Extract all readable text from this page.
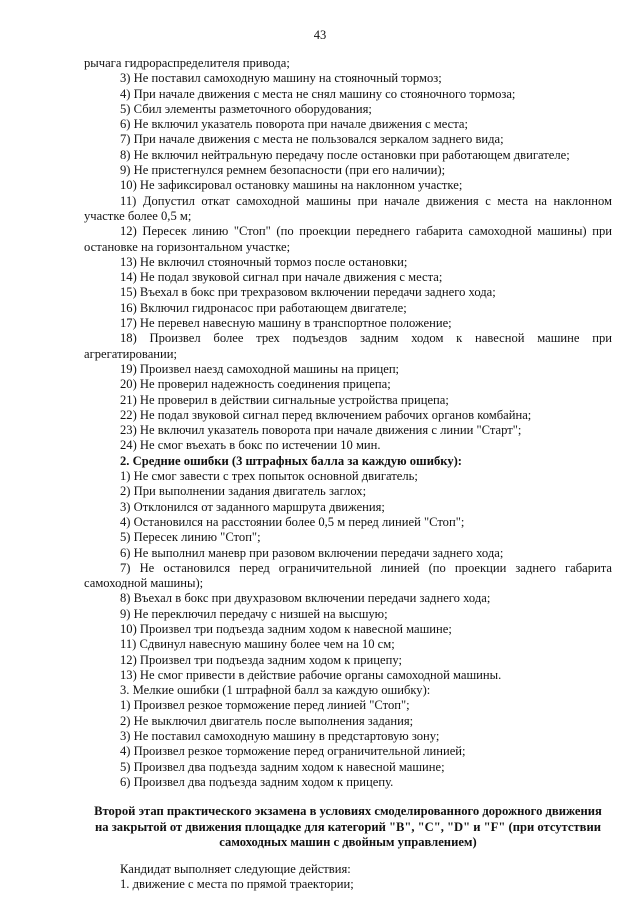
43
рычага гидрораспределителя привода;
3) Не поставил самоходную машину на стояночный тормоз;
4) При начале движения с места не снял машину со стояночного тормоза;
5) Сбил элементы разметочного оборудования;
6) Не включил указатель поворота при начале движения с места;
7) При начале движения с места не пользовался зеркалом заднего вида;
8) Не включил нейтральную передачу после остановки при работающем двигателе;
9) Не пристегнулся ремнем безопасности (при его наличии);
10) Не зафиксировал остановку машины на наклонном участке;
11) Допустил откат самоходной машины при начале движения с места на наклонном
участке более 0,5 м;
12) Пересек линию "Стоп" (по проекции переднего габарита самоходной машины) при
остановке на горизонтальном участке;
13) Не включил стояночный тормоз после остановки;
14) Не подал звуковой сигнал при начале движения с места;
15) Въехал в бокс при трехразовом включении передачи заднего хода;
16) Включил гидронасос при работающем двигателе;
17) Не перевел навесную машину в транспортное положение;
18) Произвел более трех подъездов задним ходом к навесной машине при
агрегатировании;
19) Произвел наезд самоходной машины на прицеп;
20) Не проверил надежность соединения прицепа;
21) Не проверил в действии сигнальные устройства прицепа;
22) Не подал звуковой сигнал перед включением рабочих органов комбайна;
23) Не включил указатель поворота при начале движения с линии "Старт";
24) Не смог въехать в бокс по истечении 10 мин.
2. Средние ошибки (3 штрафных балла за каждую ошибку):
1) Не смог завести с трех попыток основной двигатель;
2) При выполнении задания двигатель заглох;
3) Отклонился от заданного маршрута движения;
4) Остановился на расстоянии более 0,5 м перед линией "Стоп";
5) Пересек линию "Стоп";
6) Не выполнил маневр при разовом включении передачи заднего хода;
7) Не остановился перед ограничительной линией (по проекции заднего габарита
самоходной машины);
8) Въехал в бокс при двухразовом включении передачи заднего хода;
9) Не переключил передачу с низшей на высшую;
10) Произвел три подъезда задним ходом к навесной машине;
11) Сдвинул навесную машину более чем на 10 см;
12) Произвел три подъезда задним ходом к прицепу;
13) Не смог привести в действие рабочие органы самоходной машины.
3. Мелкие ошибки (1 штрафной балл за каждую ошибку):
1) Произвел резкое торможение перед линией "Стоп";
2) Не выключил двигатель после выполнения задания;
3) Не поставил самоходную машину в предстартовую зону;
4) Произвел резкое торможение перед ограничительной линией;
5) Произвел два подъезда задним ходом к навесной машине;
6) Произвел два подъезда задним ходом к прицепу.
Второй этап практического экзамена в условиях смоделированного дорожного движения
на закрытой от движения площадке для категорий "B", "C", "D" и "F" (при отсутствии
самоходных машин с двойным управлением)
Кандидат выполняет следующие действия:
1. движение с места по прямой траектории;
